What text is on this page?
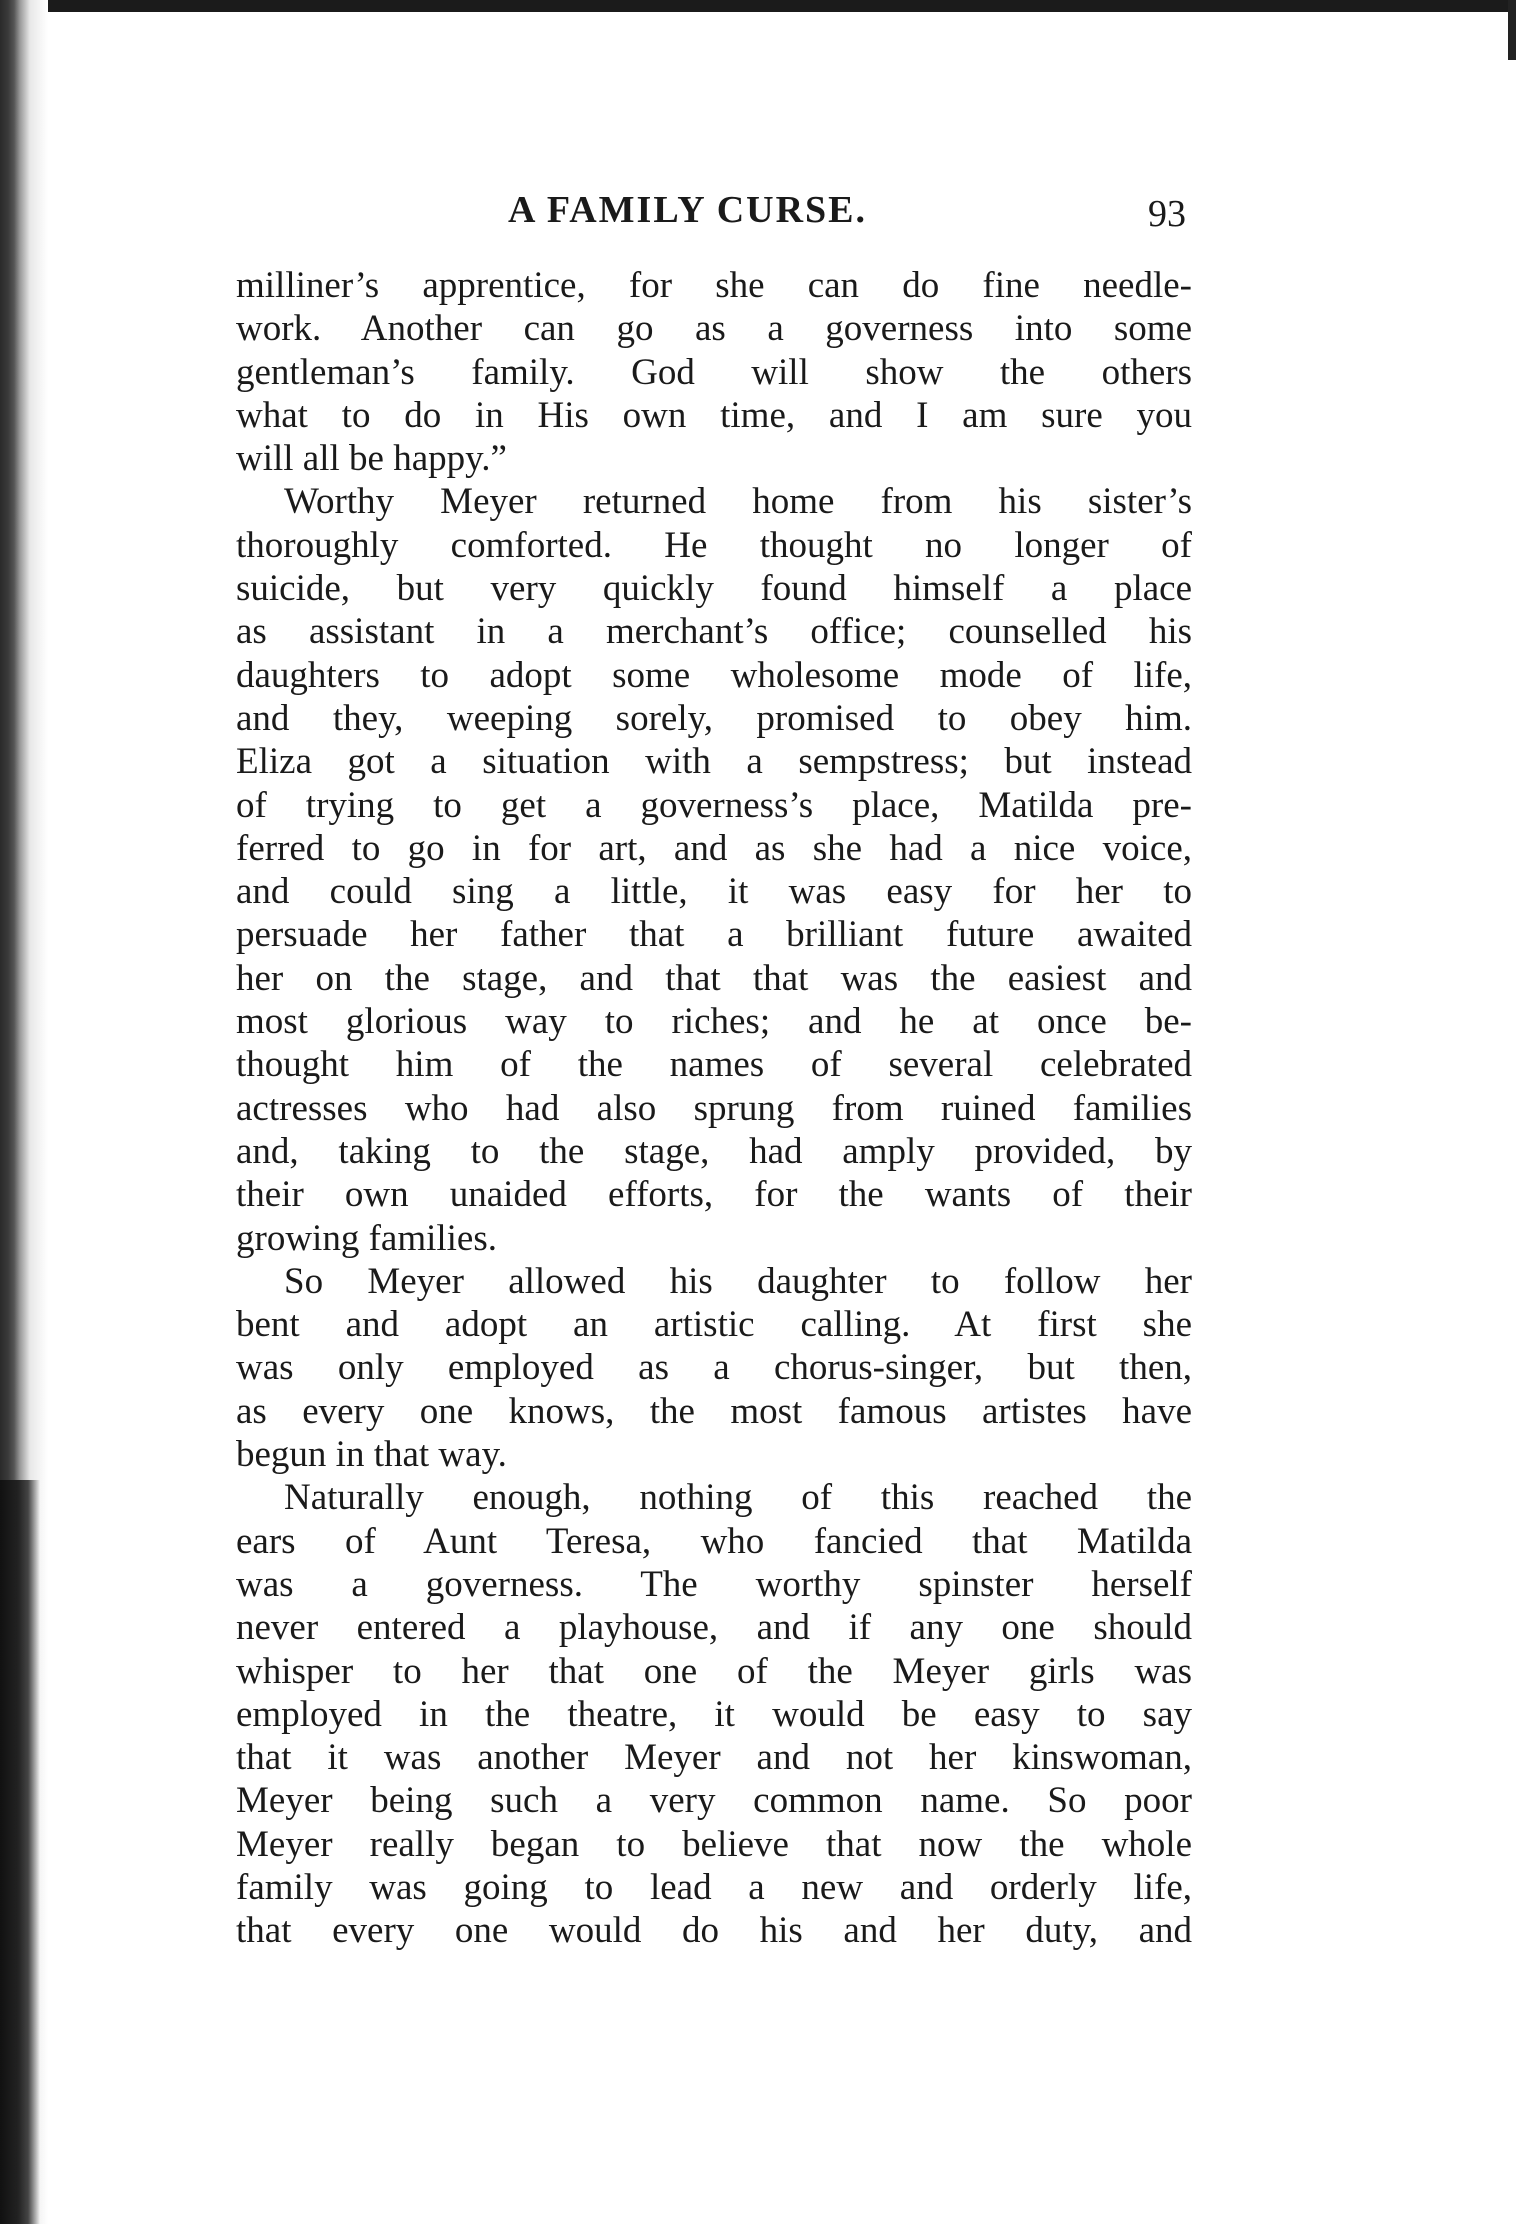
A FAMILY CURSE.	93
milliner’s apprentice, for she can do fine needle-
work. Another can go as a governess into some
gentleman’s family. God will show the others
what to do in His own time, and I am sure you
will all be happy.”
Worthy Meyer returned home from his sister’s
thoroughly comforted. He thought no longer of
suicide, but very quickly found himself a place
as assistant in a merchant’s office; counselled his
daughters to adopt some wholesome mode of life,
and they, weeping sorely, promised to obey him.
Eliza got a situation with a sempstress; but instead
of trying to get a governess’s place, Matilda pre-
ferred to go in for art, and as she had a nice voice,
and could sing a little, it was easy for her to
persuade her father that a brilliant future awaited
her on the stage, and that that was the easiest and
most glorious way to riches; and he at once be-
thought him of the names of several celebrated
actresses who had also sprung from ruined families
and, taking to the stage, had amply provided, by
their own unaided efforts, for the wants of their
growing families.
So Meyer allowed his daughter to follow her
bent and adopt an artistic calling. At first she
was only employed as a chorus-singer, but then,
as every one knows, the most famous artistes have
begun in that way.
Naturally enough, nothing of this reached the
ears of Aunt Teresa, who fancied that Matilda
was a governess. The worthy spinster herself
never entered a playhouse, and if any one should
whisper to her that one of the Meyer girls was
employed in the theatre, it would be easy to say
that it was another Meyer and not her kinswoman,
Meyer being such a very common name. So poor
Meyer really began to believe that now the whole
family was going to lead a new and orderly life,
that every one would do his and her duty, and
